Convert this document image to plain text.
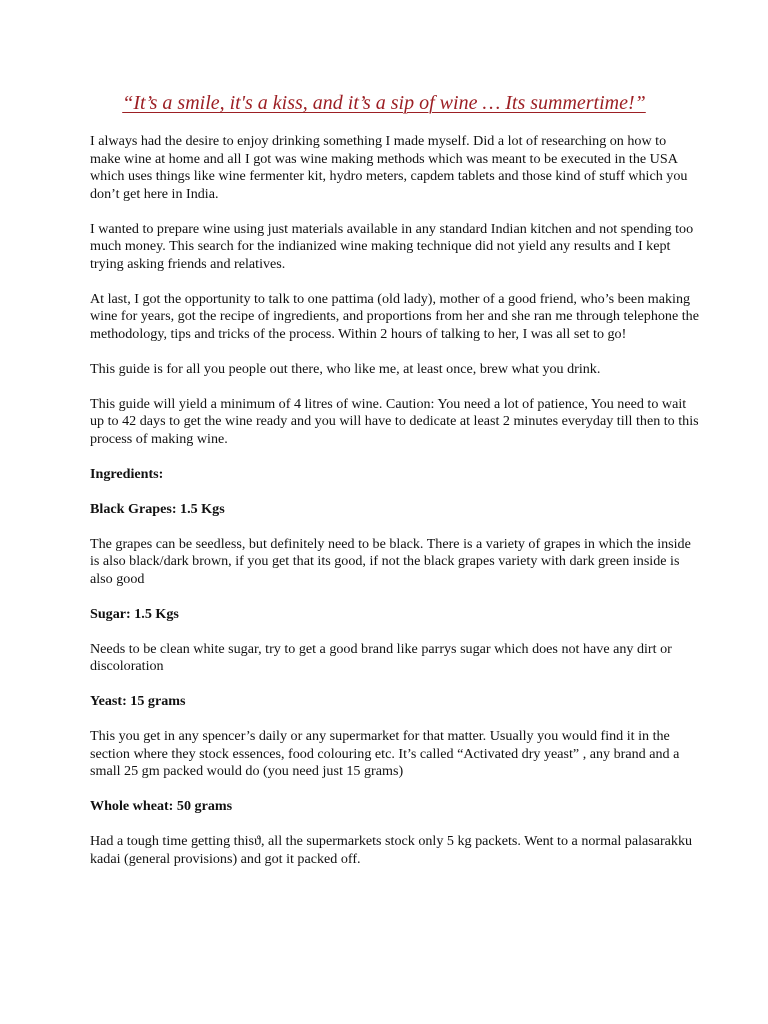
“It’s a smile, it's a kiss, and it’s a sip of wine … Its summertime!”

I always had the desire to enjoy drinking something I made myself. Did a lot of researching on how to make wine at home and all I got was wine making methods which was meant to be executed in the USA which uses things like wine fermenter kit, hydro meters, capdem tablets and those kind of stuff which you don’t get here in India.

I wanted to prepare wine using just materials available in any standard Indian kitchen and not spending too much money. This search for the indianized wine making technique did not yield any results and I kept trying asking friends and relatives.

At last, I got the opportunity to talk to one pattima (old lady), mother of a good friend, who’s been making wine for years, got the recipe of ingredients, and proportions from her and she ran me through telephone the methodology, tips and tricks of the process. Within 2 hours of talking to her, I was all set to go!

This guide is for all you people out there, who like me, at least once, brew what you drink.

This guide will yield a minimum of 4 litres of wine. Caution: You need a lot of patience, You need to wait up to 42 days to get the wine ready and you will have to dedicate at least 2 minutes everyday till then to this process of making wine.

Ingredients:

Black Grapes: 1.5 Kgs

The grapes can be seedless, but definitely need to be black. There is a variety of grapes in which the inside is also black/dark brown, if you get that its good, if not the black grapes variety with dark green inside is also good

Sugar: 1.5 Kgs

Needs to be clean white sugar, try to get a good brand like parrys sugar which does not have any dirt or discoloration

Yeast: 15 grams

This you get in any spencer’s daily or any supermarket for that matter. Usually you would find it in the section where they stock essences, food colouring etc. It’s called “Activated dry yeast” , any brand and a small 25 gm packed would do (you need just 15 grams)

Whole wheat: 50 grams

Had a tough time getting thisϑ, all the supermarkets stock only 5 kg packets. Went to a normal palasarakku kadai (general provisions) and got it packed off.
